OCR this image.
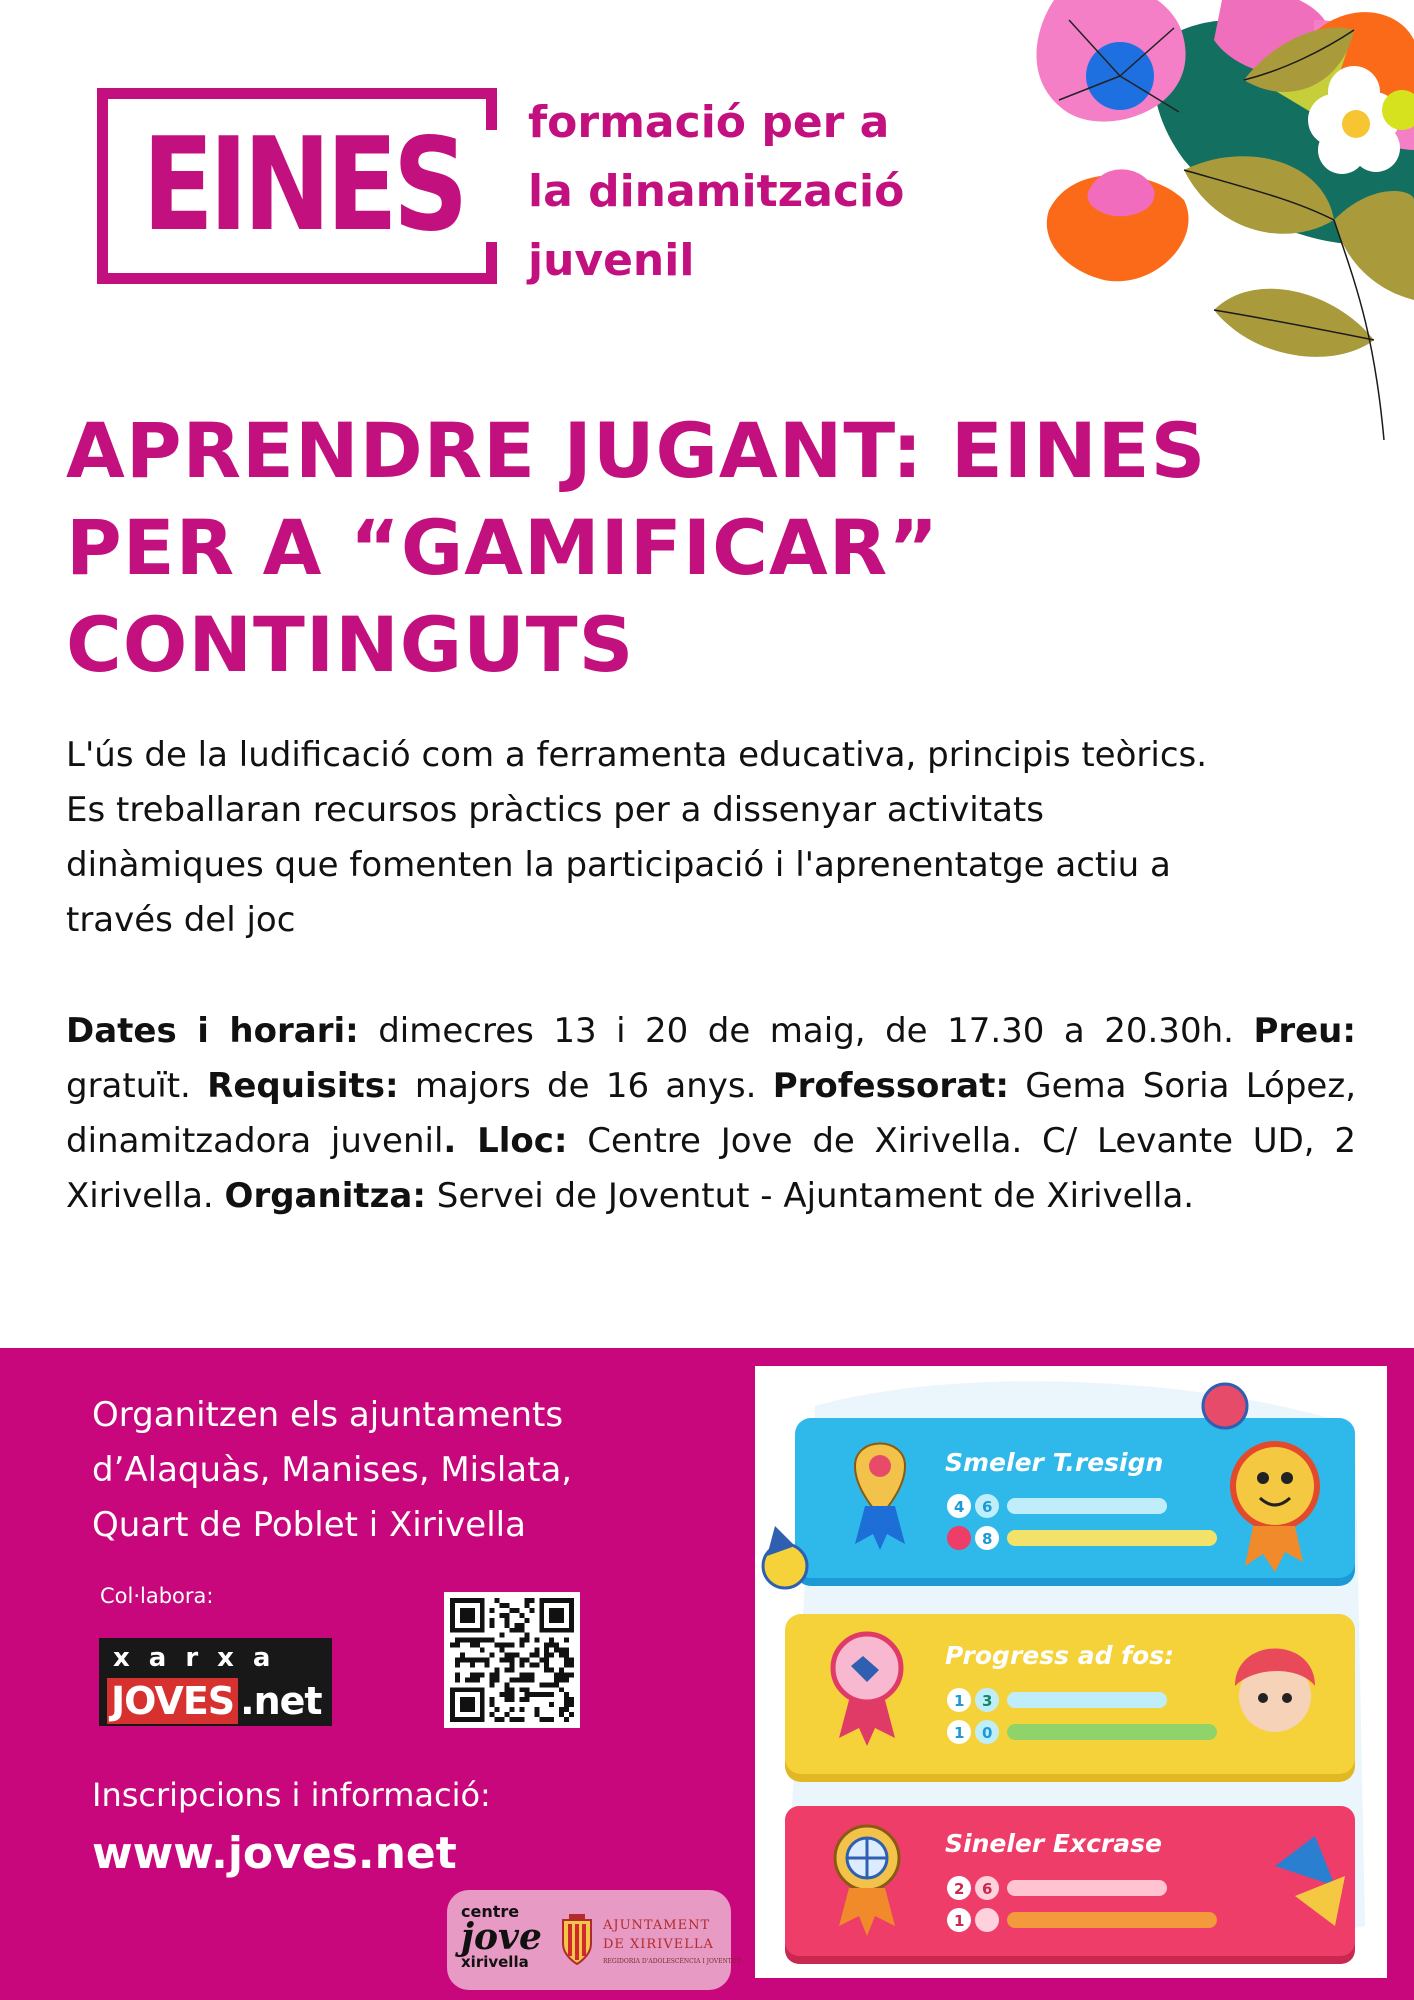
EINES formació per a
la dinamització
juvenil
APRENDRE JUGANT: EINES
PER A “GAMIFICAR”
CONTINGUTS

L'ús de la ludificació com a ferramenta educativa, principis teòrics.
Es treballaran recursos pràctics per a dissenyar activitats
dinàmiques que fomenten la participació i l'aprenentatge actiu a
través del joc

Dates i horari: dimecres 13 i 20 de maig, de 17.30 a 20.30h. Preu: gratuït. Requisits: majors de 16 anys. Professorat: Gema Soria López, dinamitzadora juvenil. Lloc: Centre Jove de Xirivella. C/ Levante UD, 2 Xirivella. Organitza: Servei de Joventut - Ajuntament de Xirivella.

Organitzen els ajuntaments
d’Alaquàs, Manises, Mislata,
Quart de Poblet i Xirivella
Col·labora:
xarxa
JOVES .net
Inscripcions i informació:
www.joves.net
centre
jove
xirivella
AJUNTAMENT
DE XIRIVELLA
REGIDORIA D'ADOLESCÈNCIA I JOVENTUT
Smeler T.resign
4 6
8
Progress ad fos:
1 3
1 0
Sineler Excrase
2 6
1
